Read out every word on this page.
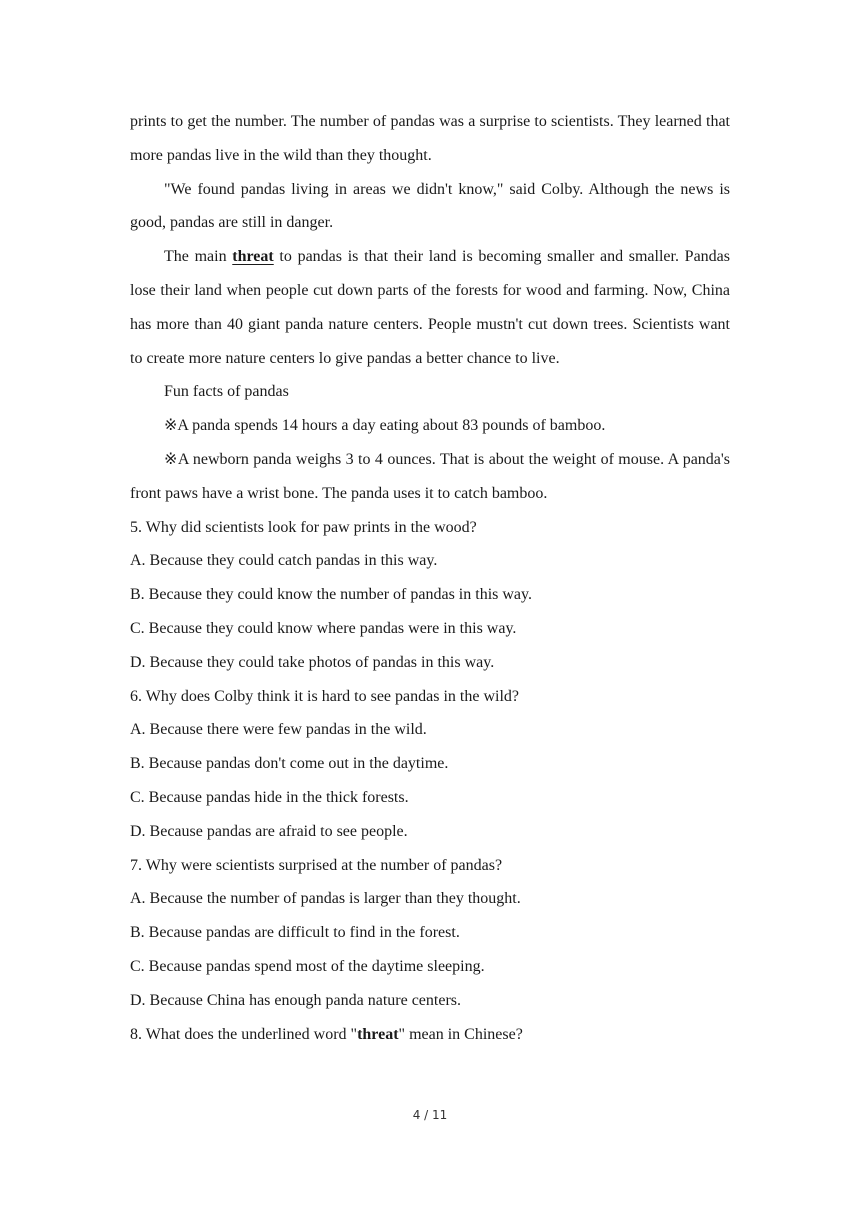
prints to get the number. The number of pandas was a surprise to scientists. They learned that more pandas live in the wild than they thought.

"We found pandas living in areas we didn't know," said Colby. Although the news is good, pandas are still in danger.

The main threat to pandas is that their land is becoming smaller and smaller. Pandas lose their land when people cut down parts of the forests for wood and farming. Now, China has more than 40 giant panda nature centers. People mustn't cut down trees. Scientists want to create more nature centers lo give pandas a better chance to live.

Fun facts of pandas

※A panda spends 14 hours a day eating about 83 pounds of bamboo.

※A newborn panda weighs 3 to 4 ounces. That is about the weight of mouse. A panda's front paws have a wrist bone. The panda uses it to catch bamboo.

5. Why did scientists look for paw prints in the wood?

A. Because they could catch pandas in this way.

B. Because they could know the number of pandas in this way.

C. Because they could know where pandas were in this way.

D. Because they could take photos of pandas in this way.

6. Why does Colby think it is hard to see pandas in the wild?

A. Because there were few pandas in the wild.

B. Because pandas don't come out in the daytime.

C. Because pandas hide in the thick forests.

D. Because pandas are afraid to see people.

7. Why were scientists surprised at the number of pandas?

A. Because the number of pandas is larger than they thought.

B. Because pandas are difficult to find in the forest.

C. Because pandas spend most of the daytime sleeping.

D. Because China has enough panda nature centers.

8. What does the underlined word "threat" mean in Chinese?

4 / 11
